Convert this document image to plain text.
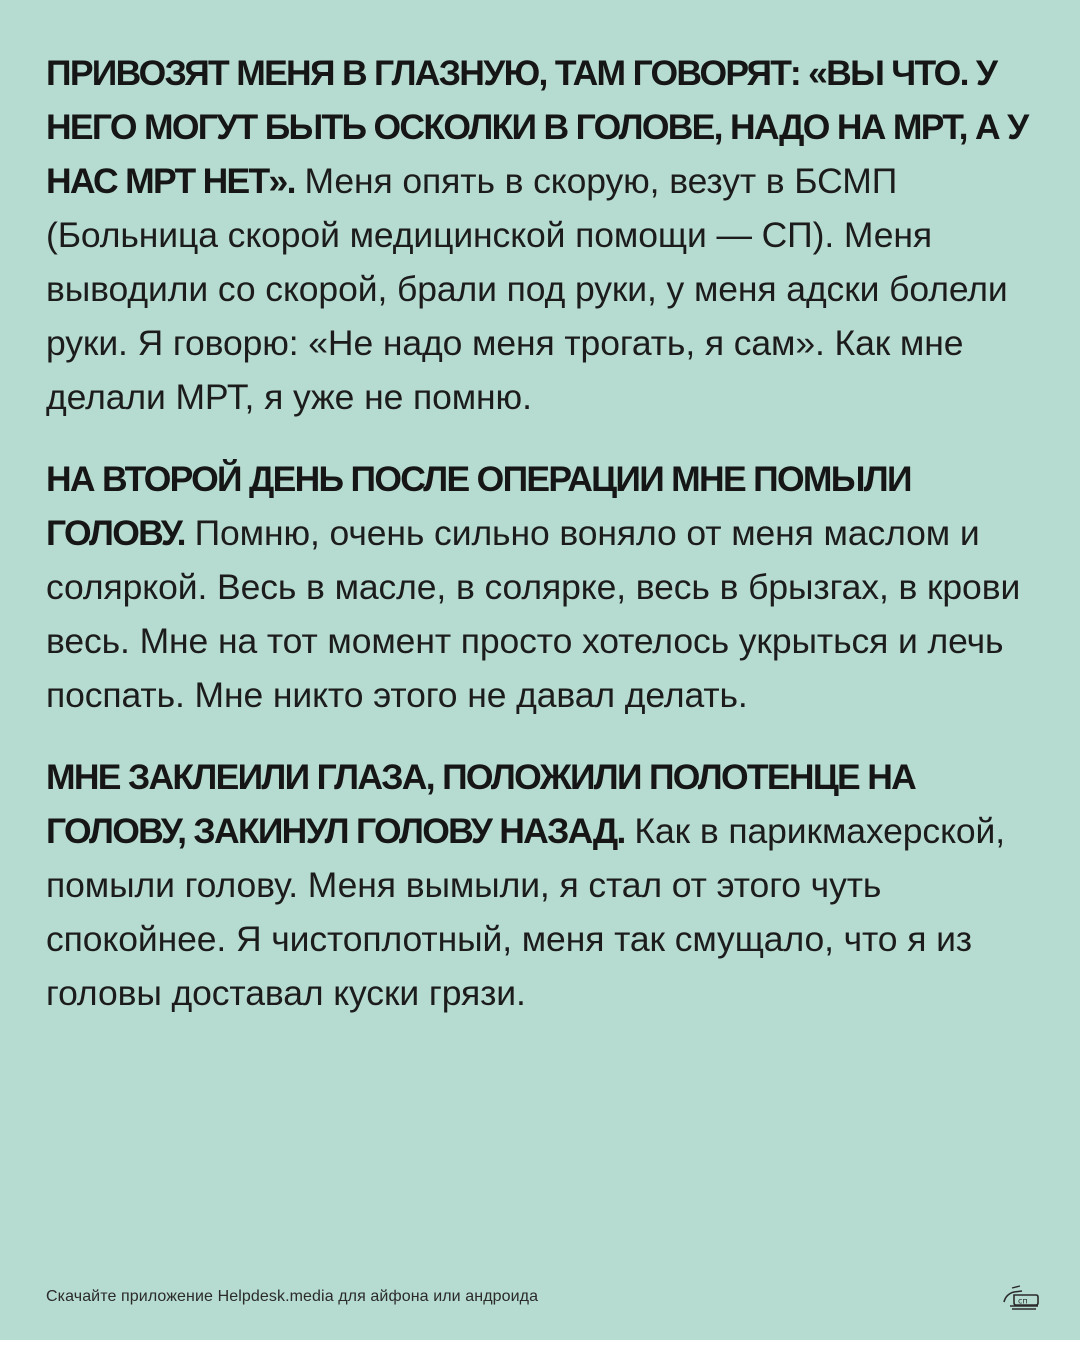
ПРИВОЗЯТ МЕНЯ В ГЛАЗНУЮ, ТАМ ГОВОРЯТ: «ВЫ ЧТО. У НЕГО МОГУТ БЫТЬ ОСКОЛКИ В ГОЛОВЕ, НАДО НА МРТ, А У НАС МРТ НЕТ». Меня опять в скорую, везут в БСМП (Больница скорой медицинской помощи — СП). Меня выводили со скорой, брали под руки, у меня адски болели руки. Я говорю: «Не надо меня трогать, я сам». Как мне делали МРТ, я уже не помню.

НА ВТОРОЙ ДЕНЬ ПОСЛЕ ОПЕРАЦИИ МНЕ ПОМЫЛИ ГОЛОВУ. Помню, очень сильно воняло от меня маслом и соляркой. Весь в масле, в солярке, весь в брызгах, в крови весь. Мне на тот момент просто хотелось укрыться и лечь поспать. Мне никто этого не давал делать.

МНЕ ЗАКЛЕИЛИ ГЛАЗА, ПОЛОЖИЛИ ПОЛОТЕНЦЕ НА ГОЛОВУ, ЗАКИНУЛ ГОЛОВУ НАЗАД. Как в парикмахерской, помыли голову. Меня вымыли, я стал от этого чуть спокойнее. Я чистоплотный, меня так смущало, что я из головы доставал куски грязи.

Скачайте приложение Helpdesk.media для айфона или андроида	сп
